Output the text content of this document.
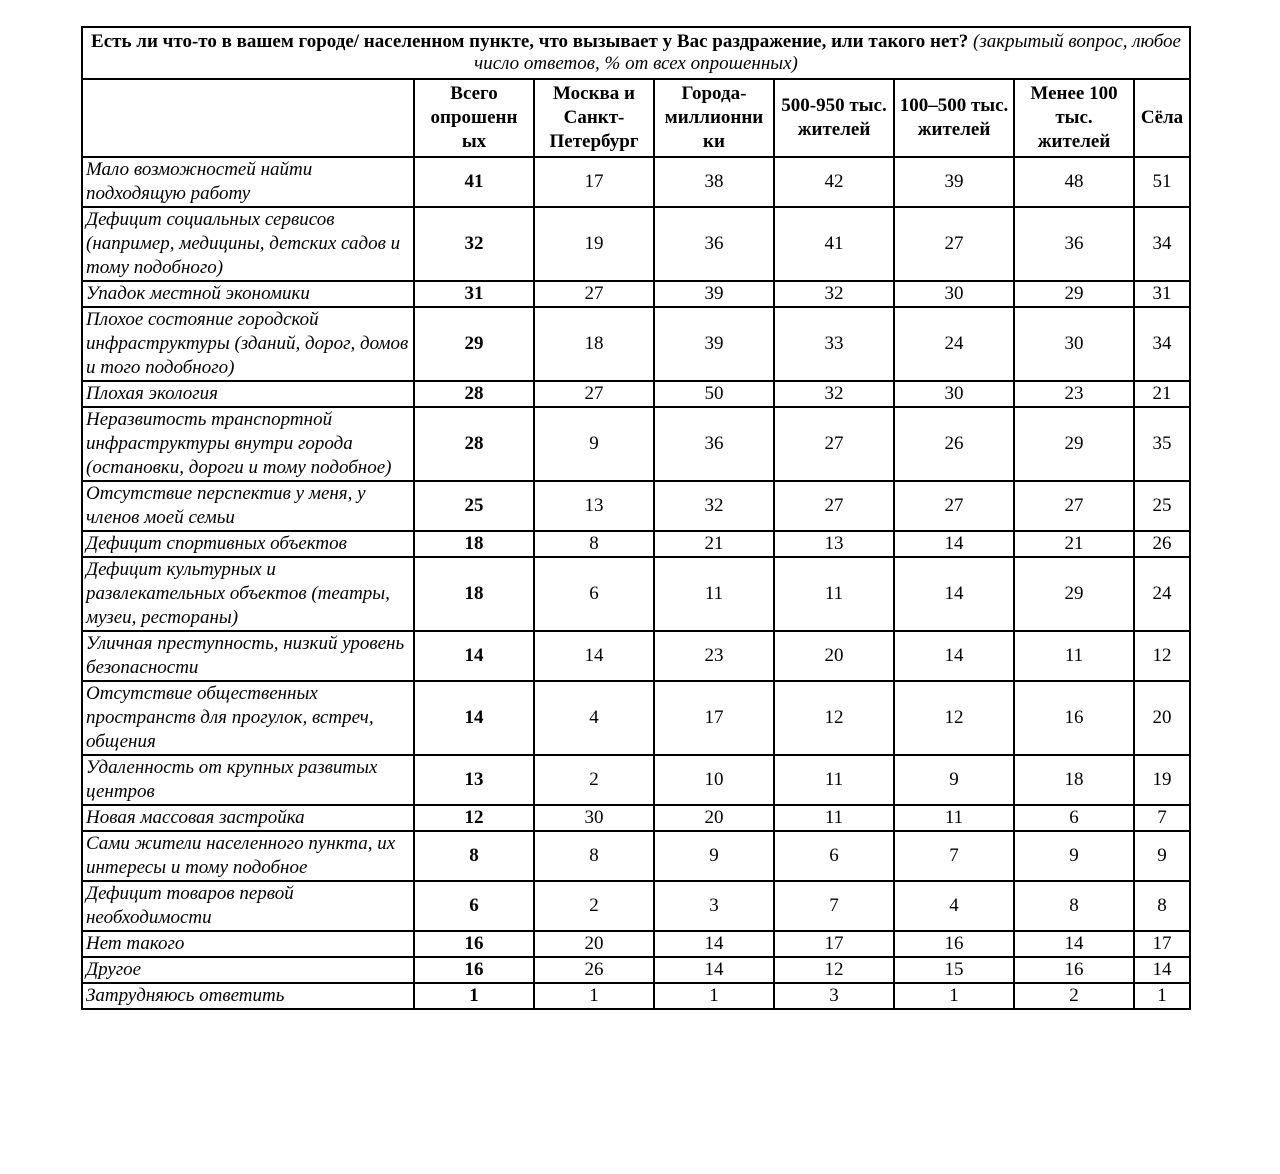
Есть ли что-то в вашем городе/ населенном пункте, что вызывает у Вас раздражение, или такого нет? (закрытый вопрос, любое число ответов, % от всех опрошенных)							
	Всего опрошенн ых	Москва и Санкт-Петербург	Города-миллионни ки	500-950 тыс. жителей	100–500 тыс. жителей	Менее 100 тыс. жителей	Сёла
Мало возможностей найти подходящую работу	41	17	38	42	39	48	51
Дефицит социальных сервисов (например, медицины, детских садов и тому подобного)	32	19	36	41	27	36	34
Упадок местной экономики	31	27	39	32	30	29	31
Плохое состояние городской инфраструктуры (зданий, дорог, домов и того подобного)	29	18	39	33	24	30	34
Плохая экология	28	27	50	32	30	23	21
Неразвитость транспортной инфраструктуры внутри города (остановки, дороги и тому подобное)	28	9	36	27	26	29	35
Отсутствие перспектив у меня, у членов моей семьи	25	13	32	27	27	27	25
Дефицит спортивных объектов	18	8	21	13	14	21	26
Дефицит культурных и развлекательных объектов (театры, музеи, рестораны)	18	6	11	11	14	29	24
Уличная преступность, низкий уровень безопасности	14	14	23	20	14	11	12
Отсутствие общественных пространств для прогулок, встреч, общения	14	4	17	12	12	16	20
Удаленность от крупных развитых центров	13	2	10	11	9	18	19
Новая массовая застройка	12	30	20	11	11	6	7
Сами жители населенного пункта, их интересы и тому подобное	8	8	9	6	7	9	9
Дефицит товаров первой необходимости	6	2	3	7	4	8	8
Нет такого	16	20	14	17	16	14	17
Другое	16	26	14	12	15	16	14
Затрудняюсь ответить	1	1	1	3	1	2	1
